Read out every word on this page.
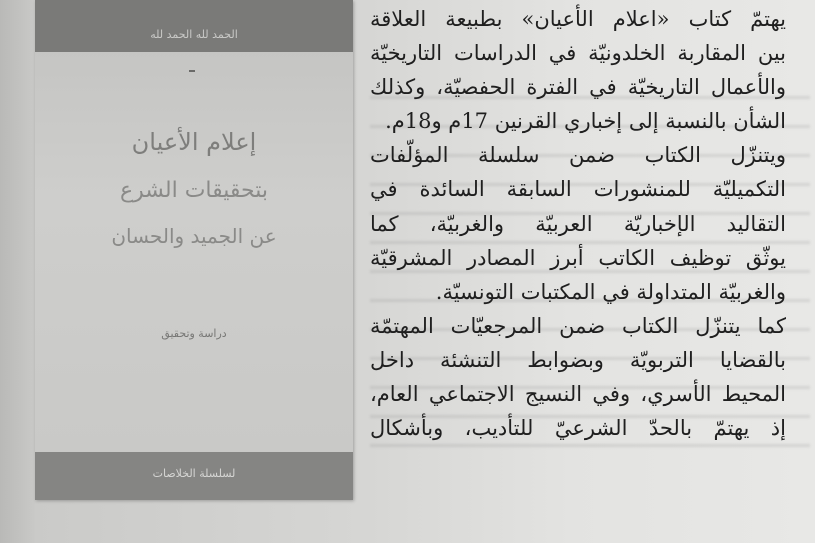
الحمد لله الحمد لله
إعلام الأعيان
بتحقيقات الشرع
عن الجميد والحسان
دراسة وتحقيق
لسلسلة الخلاصات
يهتمّ كتاب «اعلام الأعيان» بطبيعة العلاقة
بين المقاربة الخلدونيّة في الدراسات التاريخيّة
والأعمال التاريخيّة في الفترة الحفصيّة، وكذلك
الشأن بالنسبة إلى إخباري القرنين 17م و18م.
ويتنزّل الكتاب ضمن سلسلة المؤلّفات
التكميليّة للمنشورات السابقة السائدة في
التقاليد الإخباريّة العربيّة والغربيّة، كما
يوثّق توظيف الكاتب أبرز المصادر المشرقيّة
والغربيّة المتداولة في المكتبات التونسيّة.
كما يتنزّل الكتاب ضمن المرجعيّات المهتمّة
بالقضايا التربويّة وبضوابط التنشئة داخل
المحيط الأسري، وفي النسيج الاجتماعي العام،
إذ يهتمّ بالحدّ الشرعيّ للتأديب، وبأشكال
